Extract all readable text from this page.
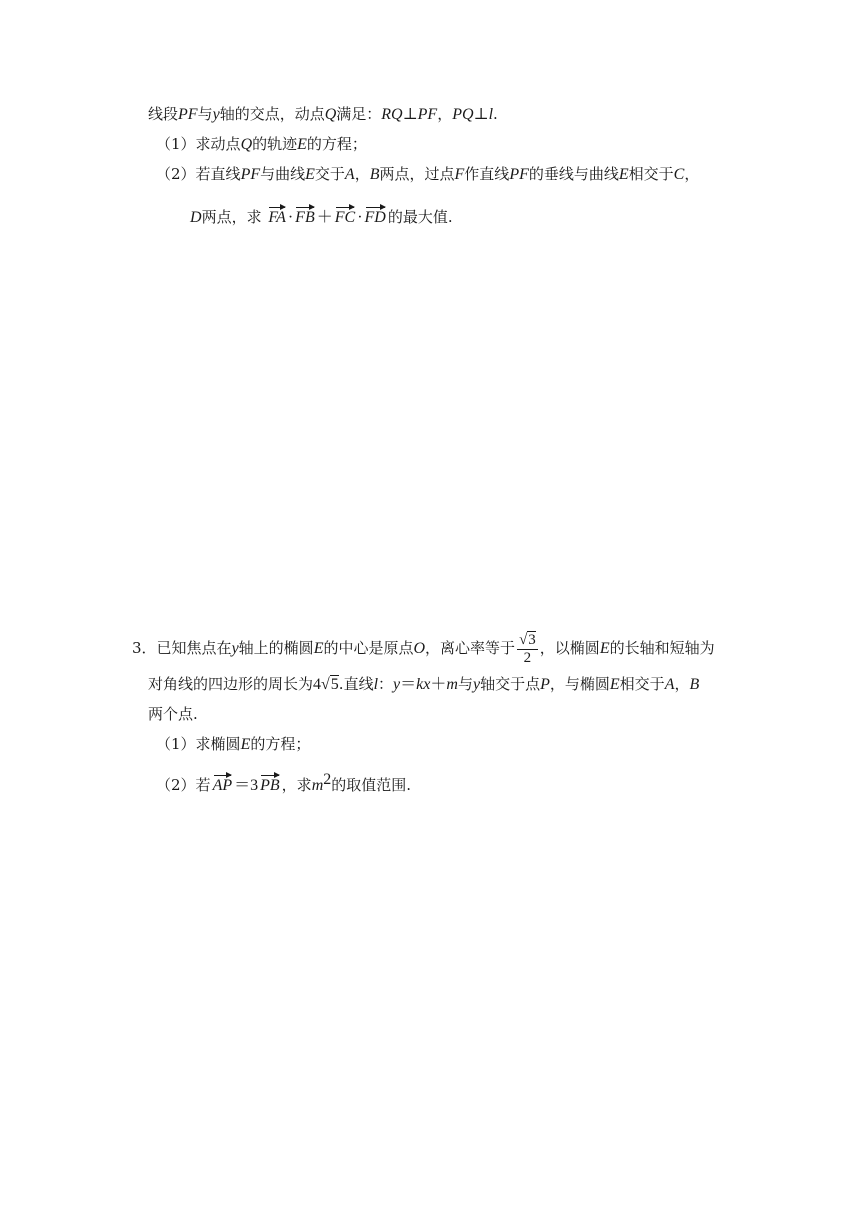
线段PF与y轴的交点，动点Q满足：RQ⊥PF，PQ⊥l.
（1）求动点Q的轨迹E的方程；
（2）若直线PF与曲线E交于A，B两点，过点F作直线PF的垂线与曲线E相交于C，
D两点，求 FA · FB ＋ FC · FD 的最大值.
3．已知焦点在y轴上的椭圆E的中心是原点O，离心率等于 $\frac{√3}{2}$ ，以椭圆E的长轴和短轴为
对角线的四边形的周长为4√5.直线l：y＝kx＋m与y轴交于点P，与椭圆E相交于A，B
两个点.
（1）求椭圆E的方程；
（2）若 AP ＝3 PB ，求$m^2$的取值范围.
